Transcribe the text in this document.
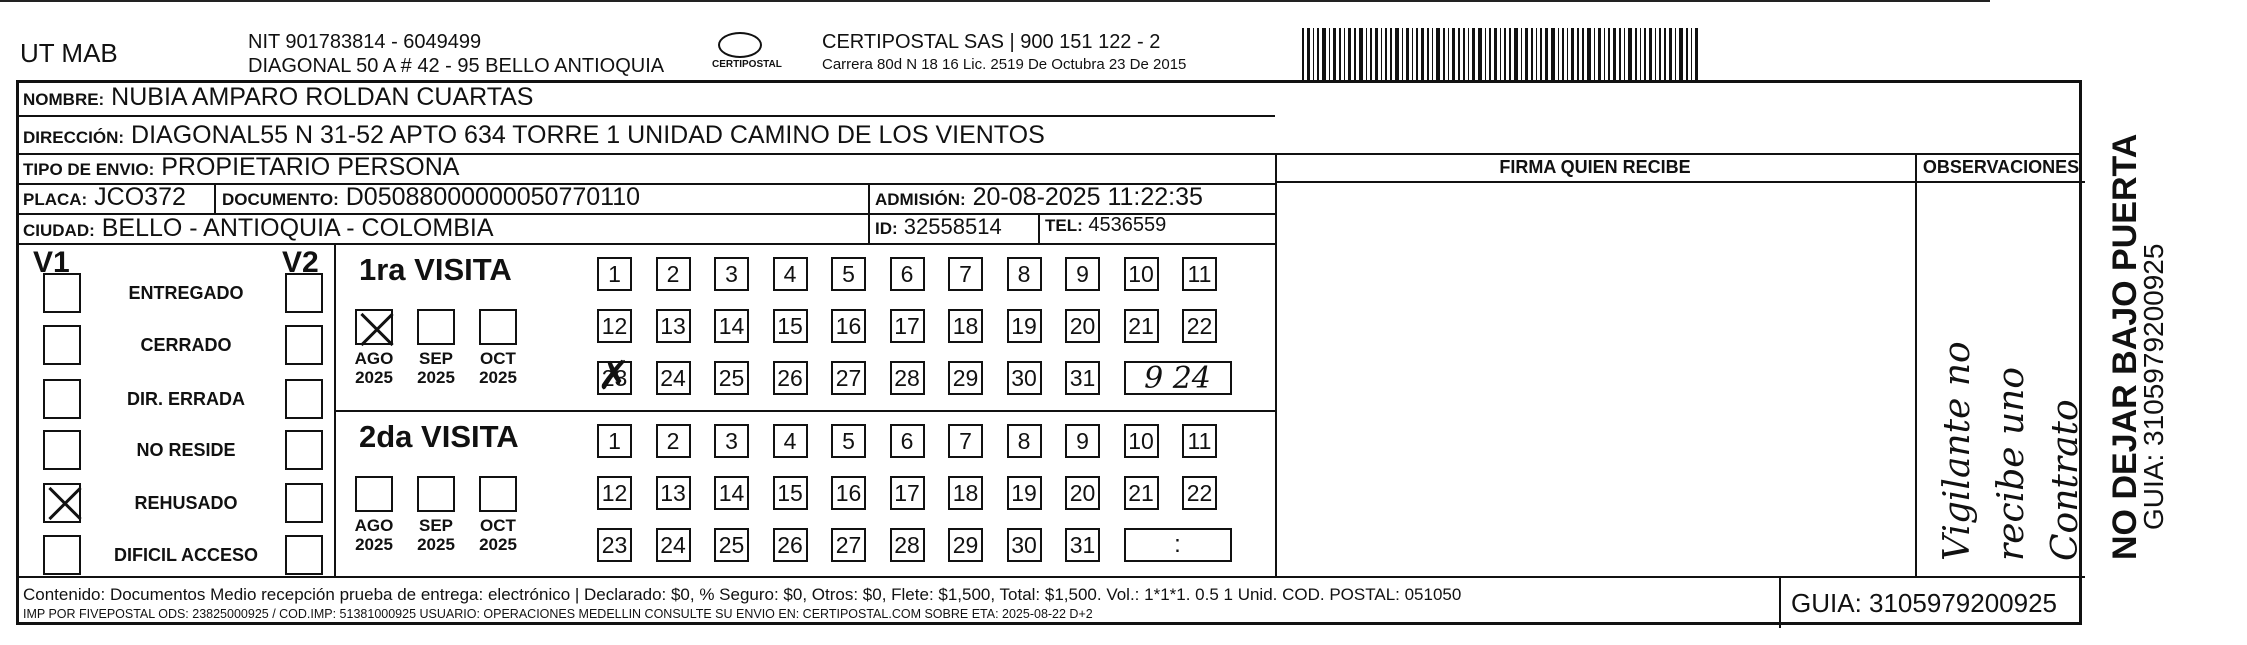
UT MAB	NIT 901783814 - 6049499
DIAGONAL 50 A # 42 - 95 BELLO ANTIOQUIA	CERTIPOSTAL
CERTIPOSTAL SAS | 900 151 122 - 2
Carrera 80d N 18 16 Lic. 2519 De Octubra 23 De 2015
NOMBRE: NUBIA AMPARO ROLDAN CUARTAS
DIRECCIÓN: DIAGONAL55 N 31-52 APTO 634 TORRE 1 UNIDAD CAMINO DE LOS VIENTOS
TIPO DE ENVIO: PROPIETARIO PERSONA
PLACA: JCO372 DOCUMENTO: D05088000000050770110	ADMISIÓN: 20-08-2025 11:22:35
CIUDAD: BELLO - ANTIOQUIA - COLOMBIA	ID: 32558514	TEL: 4536559
FIRMA QUIEN RECIBE	OBSERVACIONES
V1	V2
ENTREGADO
CERRADO
DIR. ERRADA
NO RESIDE
REHUSADO
DIFICIL ACCESO
1ra VISITA
AGO
2025
SEP
2025
OCT
2025
1	2	3	4	5	6	7	8	9	10 11
12 13 14 15 16 17 18 19 20 21 22
23 ✗ 24 25 26 27 28 29 30 31	9 24
2da VISITA
AGO
2025
SEP
2025
OCT
2025
1	2	3	4	5	6	7	8	9	10 11
12 13 14 15 16 17 18 19 20 21 22
23 24 25 26 27 28 29 30 31	:	Vigilante no recibe uno Contrato
Contenido: Documentos Medio recepción prueba de entrega: electrónico | Declarado: $0, % Seguro: $0, Otros: $0, Flete: $1,500, Total: $1,500. Vol.: 1*1*1. 0.5 1 Unid. COD. POSTAL: 051050
IMP POR FIVEPOSTAL ODS: 23825000925 / COD.IMP: 51381000925 USUARIO: OPERACIONES MEDELLIN CONSULTE SU ENVIO EN: CERTIPOSTAL.COM SOBRE ETA: 2025-08-22 D+2	GUIA: 3105979200925
NO DEJAR BAJO PUERTA
GUIA: 3105979200925
